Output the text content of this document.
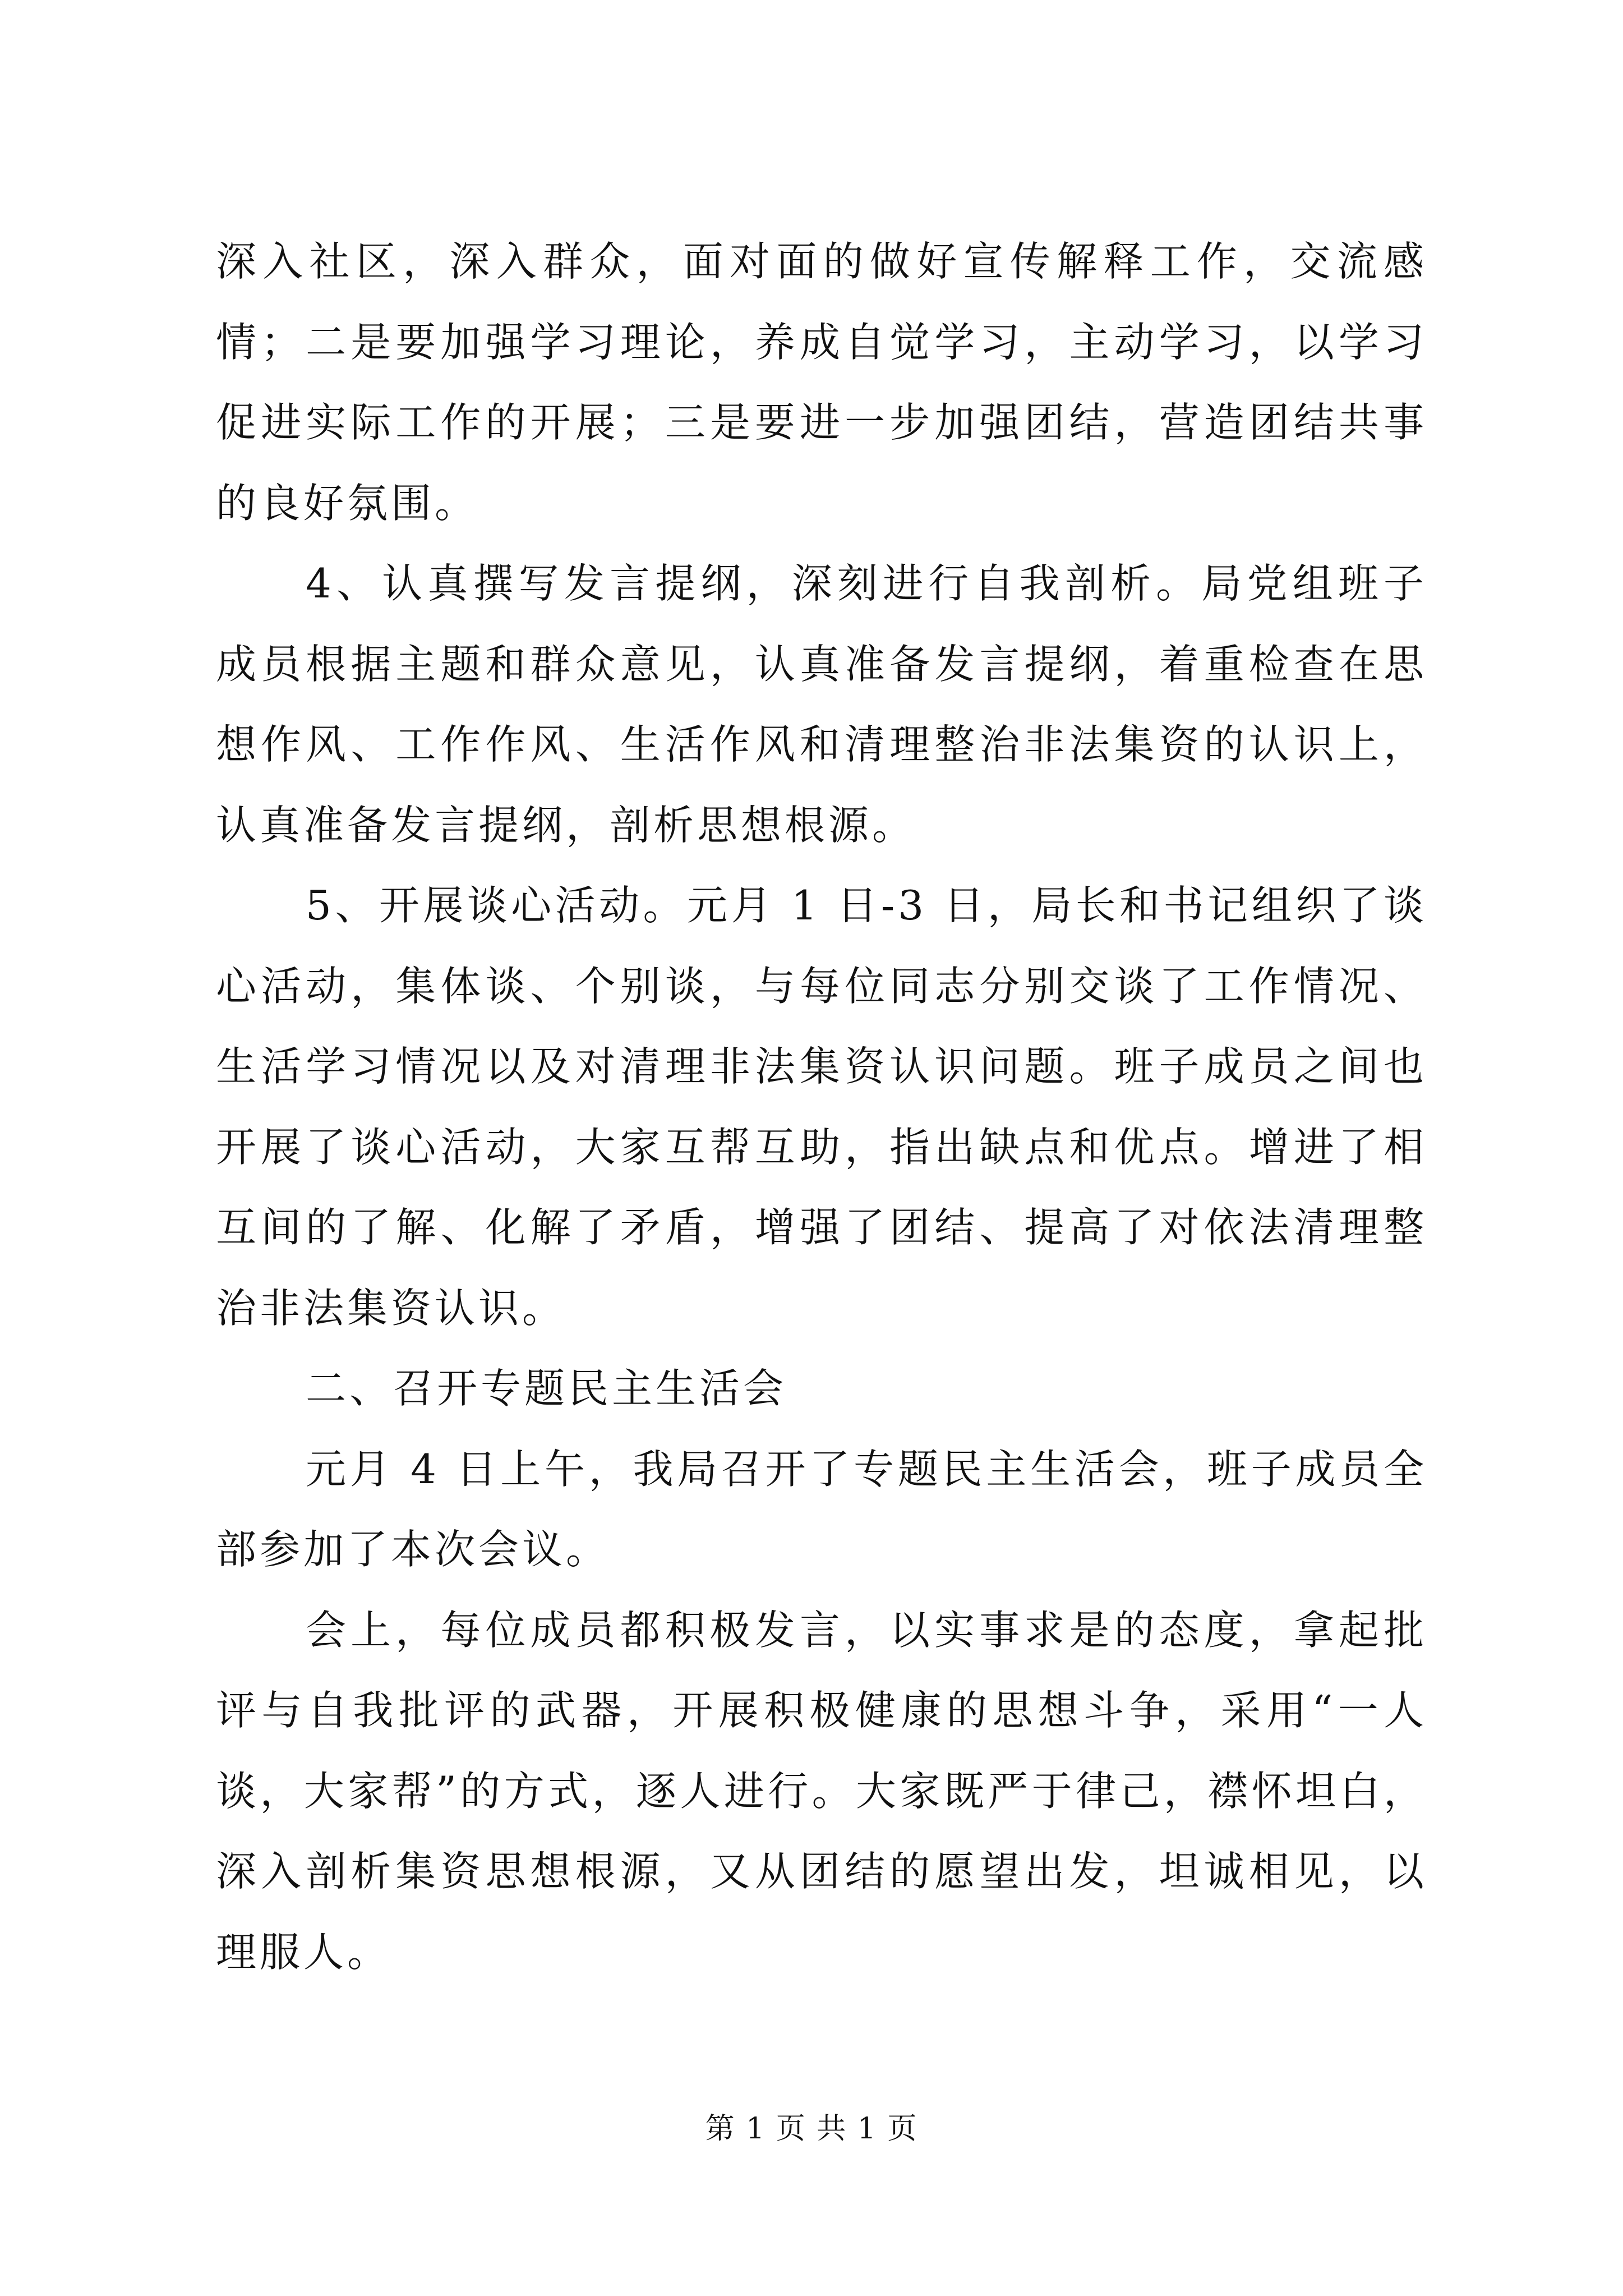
深入社区，深入群众，面对面的做好宣传解释工作，交流感情；二是要加强学习理论，养成自觉学习，主动学习，以学习促进实际工作的开展；三是要进一步加强团结，营造团结共事的良好氛围。

4、认真撰写发言提纲，深刻进行自我剖析。局党组班子成员根据主题和群众意见，认真准备发言提纲，着重检查在思想作风、工作作风、生活作风和清理整治非法集资的认识上，认真准备发言提纲，剖析思想根源。

5、开展谈心活动。元月 1 日-3 日，局长和书记组织了谈心活动，集体谈、个别谈，与每位同志分别交谈了工作情况、生活学习情况以及对清理非法集资认识问题。班子成员之间也开展了谈心活动，大家互帮互助，指出缺点和优点。增进了相互间的了解、化解了矛盾，增强了团结、提高了对依法清理整治非法集资认识。

二、召开专题民主生活会

元月 4 日上午，我局召开了专题民主生活会，班子成员全部参加了本次会议。

会上，每位成员都积极发言，以实事求是的态度，拿起批评与自我批评的武器，开展积极健康的思想斗争，采用“一人谈，大家帮”的方式，逐人进行。大家既严于律己，襟怀坦白，深入剖析集资思想根源，又从团结的愿望出发，坦诚相见，以理服人。

第 1 页 共 1 页
